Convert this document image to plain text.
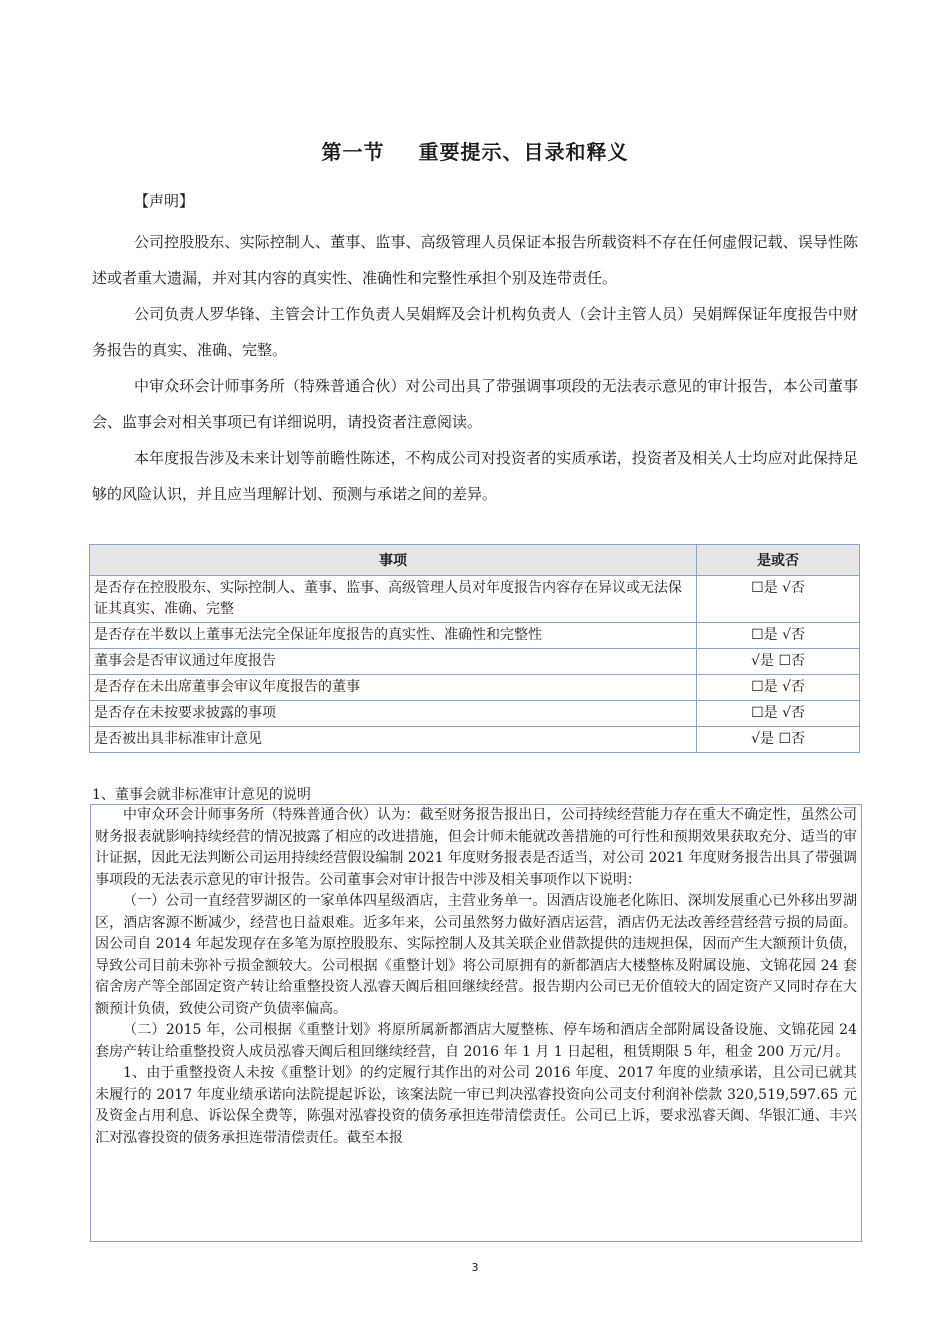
第一节 重要提示、目录和释义
【声明】

公司控股股东、实际控制人、董事、监事、高级管理人员保证本报告所载资料不存在任何虚假记载、误导性陈述或者重大遗漏，并对其内容的真实性、准确性和完整性承担个别及连带责任。

公司负责人罗华锋、主管会计工作负责人吴娟辉及会计机构负责人（会计主管人员）吴娟辉保证年度报告中财务报告的真实、准确、完整。

中审众环会计师事务所（特殊普通合伙）对公司出具了带强调事项段的无法表示意见的审计报告，本公司董事会、监事会对相关事项已有详细说明，请投资者注意阅读。

本年度报告涉及未来计划等前瞻性陈述，不构成公司对投资者的实质承诺，投资者及相关人士均应对此保持足够的风险认识，并且应当理解计划、预测与承诺之间的差异。

事项	是或否
是否存在控股股东、实际控制人、董事、监事、高级管理人员对年度报告内容存在异议或无法保证其真实、准确、完整	☐是 √否
是否存在半数以上董事无法完全保证年度报告的真实性、准确性和完整性	☐是 √否
董事会是否审议通过年度报告	√是 ☐否
是否存在未出席董事会审议年度报告的董事	☐是 √否
是否存在未按要求披露的事项	☐是 √否
是否被出具非标准审计意见	√是 ☐否
1、董事会就非标准审计意见的说明

中审众环会计师事务所（特殊普通合伙）认为：截至财务报告报出日，公司持续经营能力存在重大不确定性，虽然公司财务报表就影响持续经营的情况披露了相应的改进措施，但会计师未能就改善措施的可行性和预期效果获取充分、适当的审计证据，因此无法判断公司运用持续经营假设编制 2021 年度财务报表是否适当，对公司 2021 年度财务报告出具了带强调事项段的无法表示意见的审计报告。公司董事会对审计报告中涉及相关事项作以下说明：

（一）公司一直经营罗湖区的一家单体四星级酒店，主营业务单一。因酒店设施老化陈旧、深圳发展重心已外移出罗湖区，酒店客源不断减少，经营也日益艰难。近多年来，公司虽然努力做好酒店运营，酒店仍无法改善经营经营亏损的局面。因公司自 2014 年起发现存在多笔为原控股股东、实际控制人及其关联企业借款提供的违规担保，因而产生大额预计负债，导致公司目前未弥补亏损金额较大。公司根据《重整计划》将公司原拥有的新都酒店大楼整栋及附属设施、文锦花园 24 套宿舍房产等全部固定资产转让给重整投资人泓睿天阗后租回继续经营。报告期内公司已无价值较大的固定资产又同时存在大额预计负债，致使公司资产负债率偏高。

（二）2015 年，公司根据《重整计划》将原所属新都酒店大厦整栋、停车场和酒店全部附属设备设施、文锦花园 24 套房产转让给重整投资人成员泓睿天阗后租回继续经营，自 2016 年 1 月 1 日起租，租赁期限 5 年，租金 200 万元/月。

1、由于重整投资人未按《重整计划》的约定履行其作出的对公司 2016 年度、2017 年度的业绩承诺，且公司已就其未履行的 2017 年度业绩承诺向法院提起诉讼，该案法院一审已判决泓睿投资向公司支付利润补偿款 320,519,597.65 元及资金占用利息、诉讼保全费等，陈强对泓睿投资的债务承担连带清偿责任。公司已上诉，要求泓睿天阗、华银汇通、丰兴汇对泓睿投资的债务承担连带清偿责任。截至本报

3
